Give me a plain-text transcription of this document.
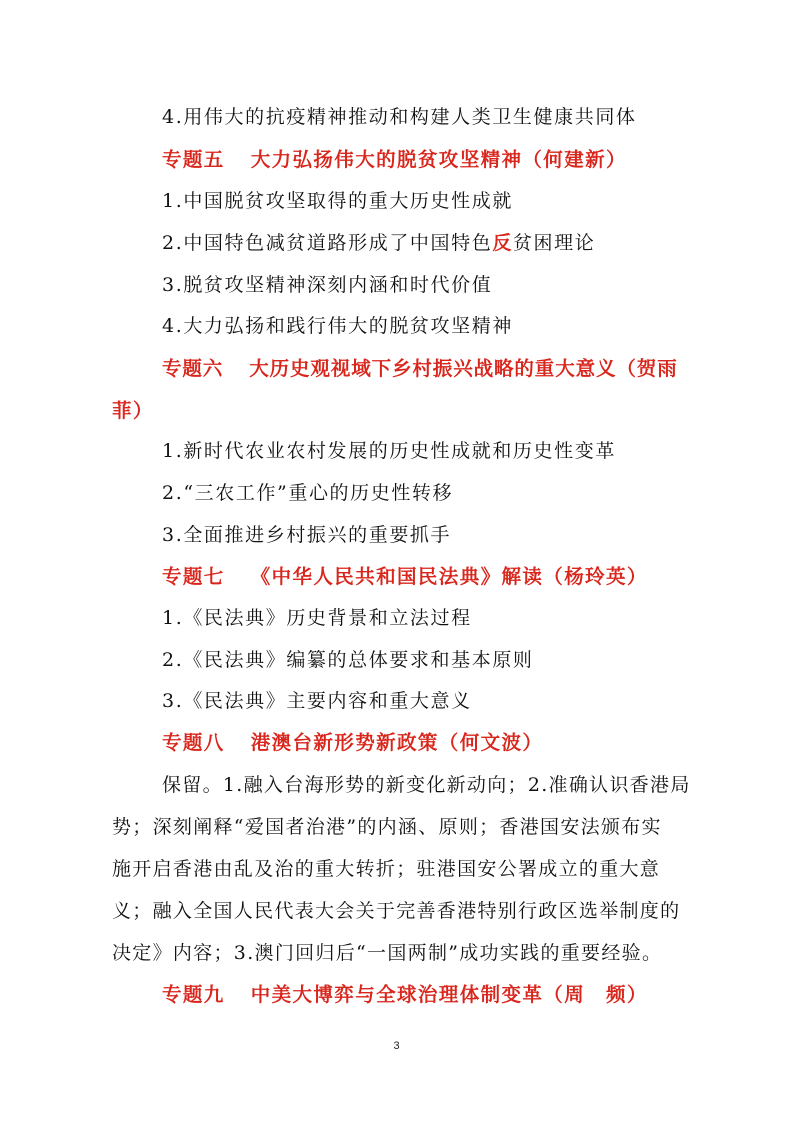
4.用伟大的抗疫精神推动和构建人类卫生健康共同体
专题五 大力弘扬伟大的脱贫攻坚精神（何建新）
1.中国脱贫攻坚取得的重大历史性成就
2.中国特色减贫道路形成了中国特色反贫困理论
3.脱贫攻坚精神深刻内涵和时代价值
4.大力弘扬和践行伟大的脱贫攻坚精神
专题六 大历史观视域下乡村振兴战略的重大意义（贺雨
菲）
1.新时代农业农村发展的历史性成就和历史性变革
2.“三农工作”重心的历史性转移
3.全面推进乡村振兴的重要抓手
专题七 《中华人民共和国民法典》解读（杨玲英）
1.《民法典》历史背景和立法过程
2.《民法典》编纂的总体要求和基本原则
3.《民法典》主要内容和重大意义
专题八 港澳台新形势新政策（何文波）
保留。1.融入台海形势的新变化新动向；2.准确认识香港局
势；深刻阐释“爱国者治港”的内涵、原则；香港国安法颁布实
施开启香港由乱及治的重大转折；驻港国安公署成立的重大意
义；融入全国人民代表大会关于完善香港特别行政区选举制度的
决定》内容；3.澳门回归后“一国两制”成功实践的重要经验。
专题九 中美大博弈与全球治理体制变革（周　频）
3
